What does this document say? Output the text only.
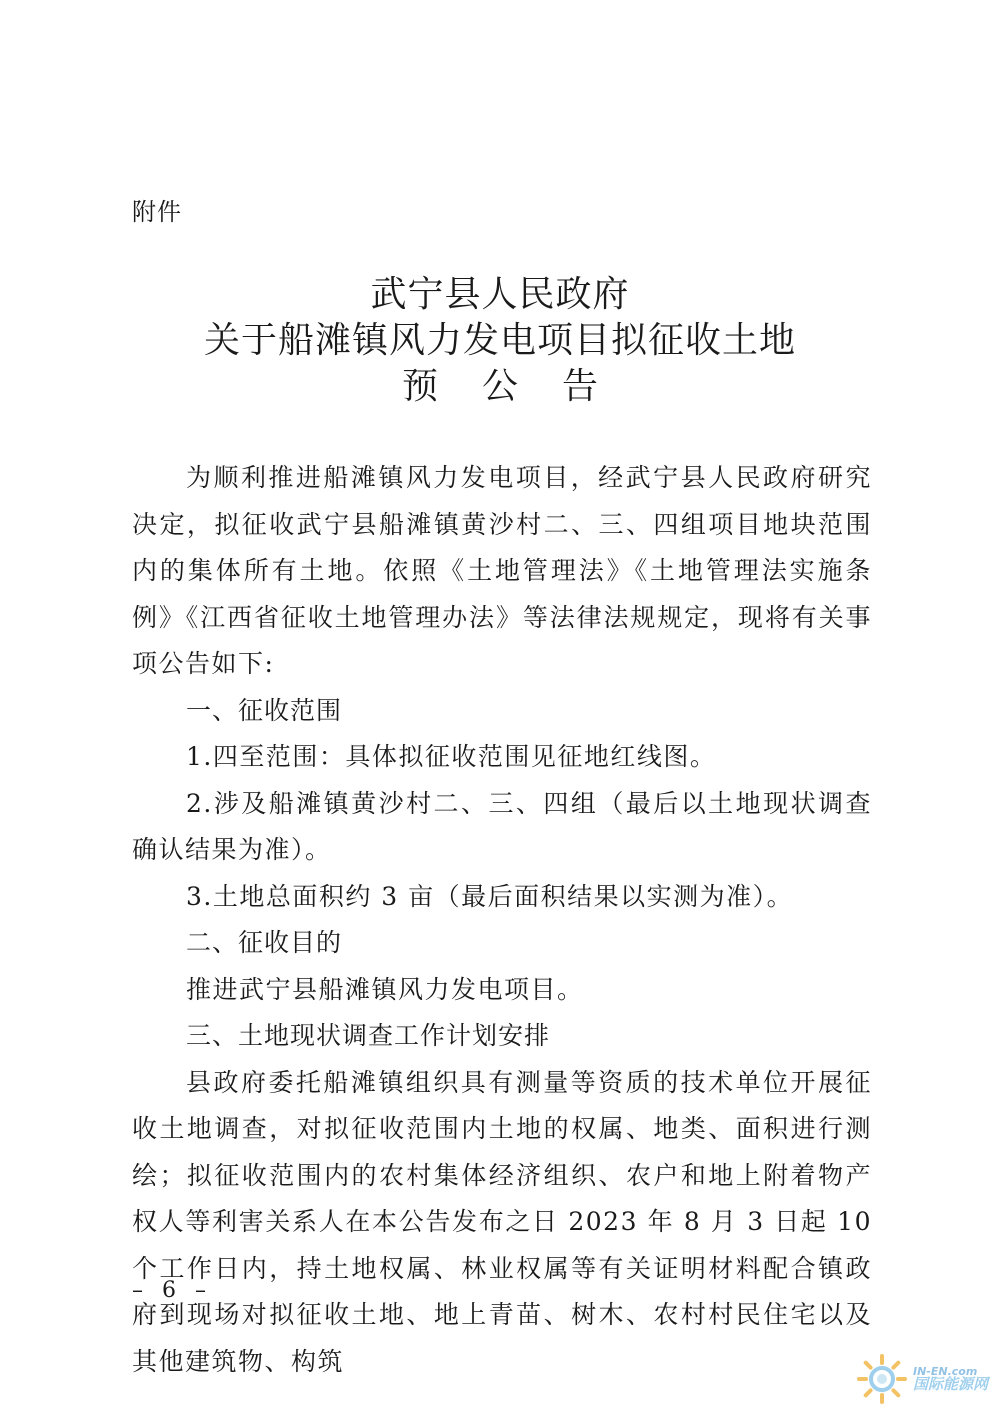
附件
武宁县人民政府
关于船滩镇风力发电项目拟征收土地
预公告

为顺利推进船滩镇风力发电项目，经武宁县人民政府研究决定，拟征收武宁县船滩镇黄沙村二、三、四组项目地块范围内的集体所有土地。依照《土地管理法》《土地管理法实施条例》《江西省征收土地管理办法》等法律法规规定，现将有关事项公告如下:

一、征收范围

1.四至范围：具体拟征收范围见征地红线图。

2.涉及船滩镇黄沙村二、三、四组（最后以土地现状调查确认结果为准）。

3.土地总面积约 3 亩（最后面积结果以实测为准）。

二、征收目的

推进武宁县船滩镇风力发电项目。

三、土地现状调查工作计划安排

县政府委托船滩镇组织具有测量等资质的技术单位开展征收土地调查，对拟征收范围内土地的权属、地类、面积进行测绘；拟征收范围内的农村集体经济组织、农户和地上附着物产权人等利害关系人在本公告发布之日 2023 年 8 月 3 日起 10 个工作日内，持土地权属、林业权属等有关证明材料配合镇政府到现场对拟征收土地、地上青苗、树木、农村村民住宅以及其他建筑物、构筑

– 6 –
IN-EN.com
国际能源网
